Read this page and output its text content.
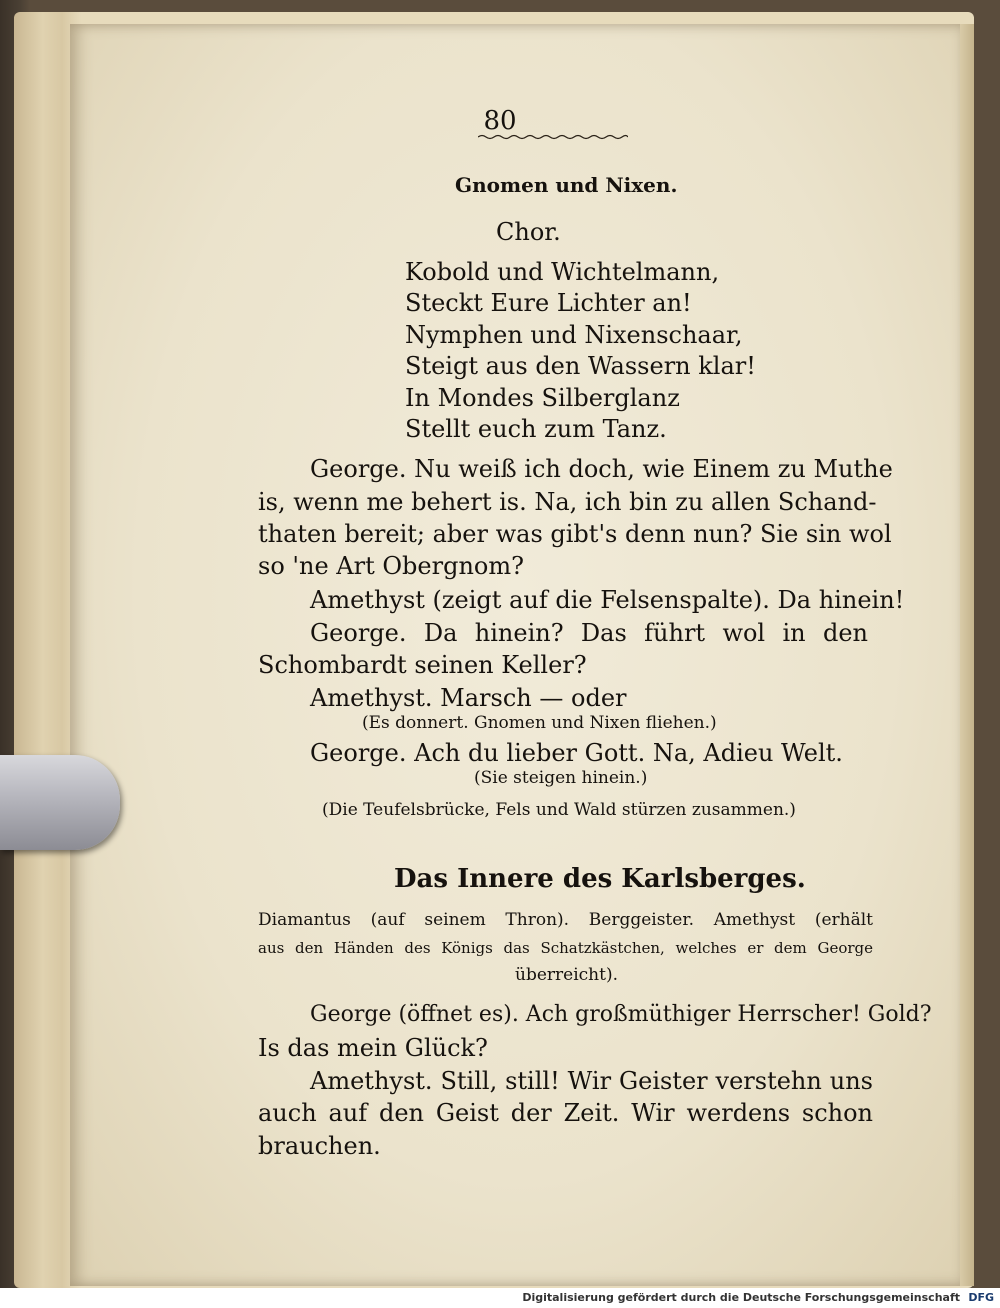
80
Gnomen und Nixen.
Chor.
Kobold und Wichtelmann,
Steckt Eure Lichter an!
Nymphen und Nixenschaar,
Steigt aus den Wassern klar!
In Mondes Silberglanz
Stellt euch zum Tanz.
George. Nu weiß ich doch, wie Einem zu Muthe
is, wenn me behert is. Na, ich bin zu allen Schand-
thaten bereit; aber was gibt's denn nun? Sie sin wol
so 'ne Art Obergnom?
Amethyst (zeigt auf die Felsenspalte). Da hinein!
George. Da hinein? Das führt wol in den
Schombardt seinen Keller?
Amethyst. Marsch — oder
(Es donnert. Gnomen und Nixen fliehen.)
George. Ach du lieber Gott. Na, Adieu Welt.
(Sie steigen hinein.)
(Die Teufelsbrücke, Fels und Wald stürzen zusammen.)
Das Innere des Karlsberges.
Diamantus (auf seinem Thron). Berggeister. Amethyst (erhält
aus den Händen des Königs das Schatzkästchen, welches er dem George
überreicht).
George (öffnet es). Ach großmüthiger Herrscher! Gold?
Is das mein Glück?
Amethyst. Still, still! Wir Geister verstehn uns
auch auf den Geist der Zeit. Wir werdens schon
brauchen.
Digitalisierung gefördert durch die Deutsche Forschungsgemeinschaft DFG
